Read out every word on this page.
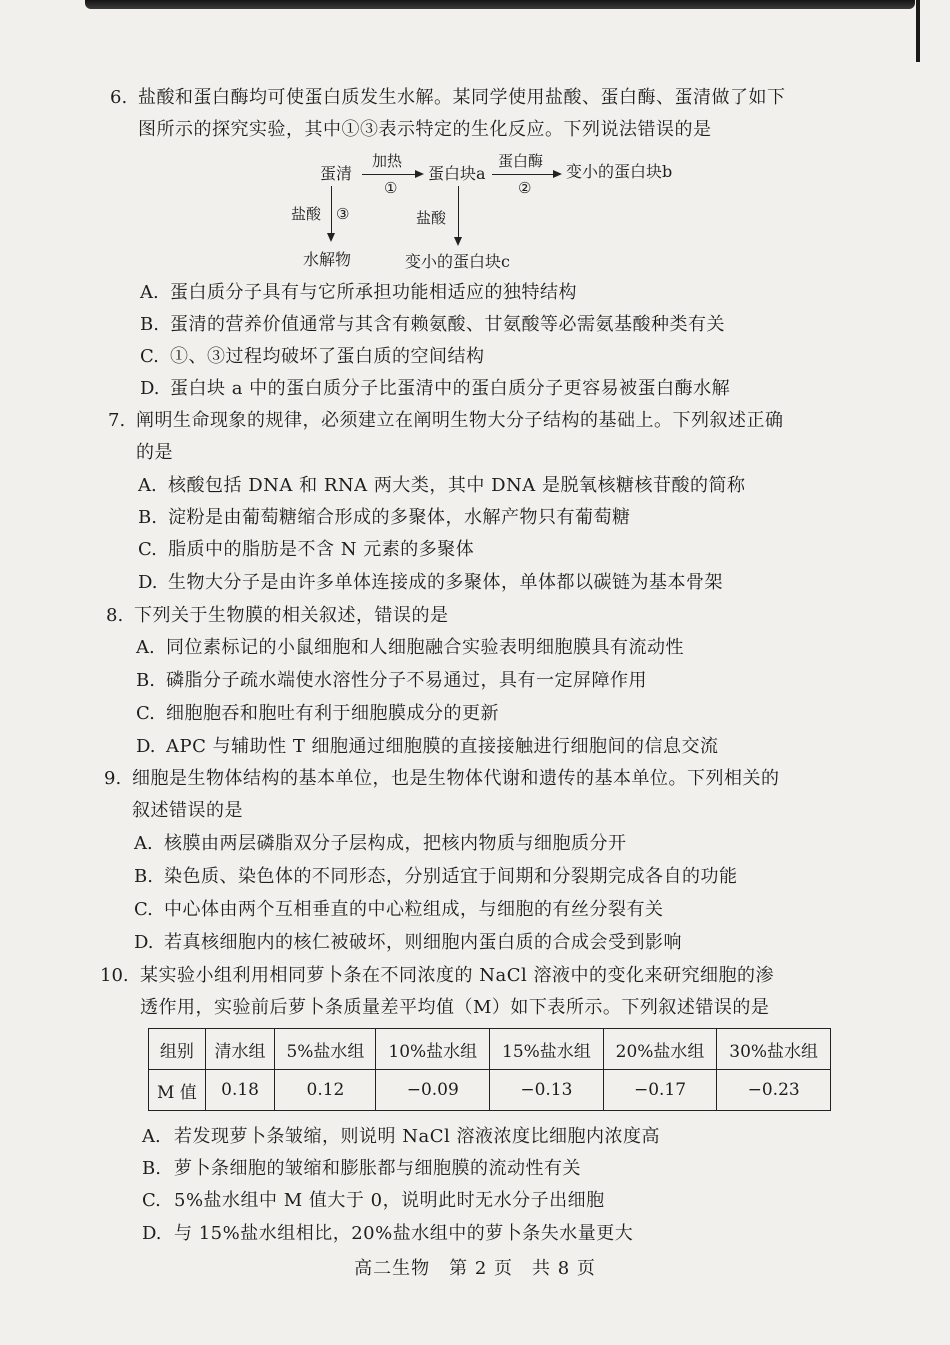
6. 盐酸和蛋白酶均可使蛋白质发生水解。某同学使用盐酸、蛋白酶、蛋清做了如下
图所示的探究实验，其中①③表示特定的生化反应。下列说法错误的是
蛋清	蛋白块a	变小的蛋白块b
水解物	变小的蛋白块c
加热
①
蛋白酶
②
盐酸 ③	盐酸
A. 蛋白质分子具有与它所承担功能相适应的独特结构
B. 蛋清的营养价值通常与其含有赖氨酸、甘氨酸等必需氨基酸种类有关
C. ①、③过程均破坏了蛋白质的空间结构
D. 蛋白块 a 中的蛋白质分子比蛋清中的蛋白质分子更容易被蛋白酶水解
7. 阐明生命现象的规律，必须建立在阐明生物大分子结构的基础上。下列叙述正确
的是
A. 核酸包括 DNA 和 RNA 两大类，其中 DNA 是脱氧核糖核苷酸的简称
B. 淀粉是由葡萄糖缩合形成的多聚体，水解产物只有葡萄糖
C. 脂质中的脂肪是不含 N 元素的多聚体
D. 生物大分子是由许多单体连接成的多聚体，单体都以碳链为基本骨架
8. 下列关于生物膜的相关叙述，错误的是
A. 同位素标记的小鼠细胞和人细胞融合实验表明细胞膜具有流动性
B. 磷脂分子疏水端使水溶性分子不易通过，具有一定屏障作用
C. 细胞胞吞和胞吐有利于细胞膜成分的更新
D. APC 与辅助性 T 细胞通过细胞膜的直接接触进行细胞间的信息交流
9. 细胞是生物体结构的基本单位，也是生物体代谢和遗传的基本单位。下列相关的
叙述错误的是
A. 核膜由两层磷脂双分子层构成，把核内物质与细胞质分开
B. 染色质、染色体的不同形态，分别适宜于间期和分裂期完成各自的功能
C. 中心体由两个互相垂直的中心粒组成，与细胞的有丝分裂有关
D. 若真核细胞内的核仁被破坏，则细胞内蛋白质的合成会受到影响
10. 某实验小组利用相同萝卜条在不同浓度的 NaCl 溶液中的变化来研究细胞的渗
透作用，实验前后萝卜条质量差平均值（M）如下表所示。下列叙述错误的是
组别	清水组	5%盐水组	10%盐水组	15%盐水组	20%盐水组	30%盐水组
M 值	0.18	0.12	−0.09	−0.13	−0.17	−0.23
A. 若发现萝卜条皱缩，则说明 NaCl 溶液浓度比细胞内浓度高
B. 萝卜条细胞的皱缩和膨胀都与细胞膜的流动性有关
C. 5%盐水组中 M 值大于 0，说明此时无水分子出细胞
D. 与 15%盐水组相比，20%盐水组中的萝卜条失水量更大
高二生物　第 2 页　共 8 页
